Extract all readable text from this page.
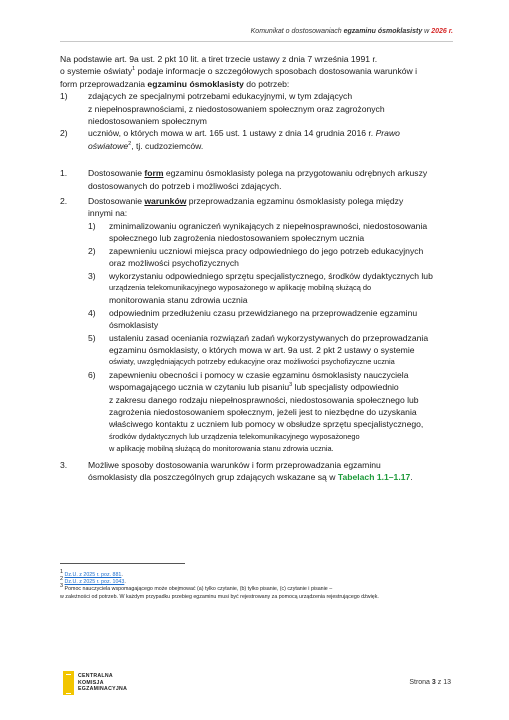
Komunikat o dostosowaniach egzaminu ósmoklasisty w 2026 r.

Na podstawie art. 9a ust. 2 pkt 10 lit. a tiret trzecie ustawy z dnia 7 września 1991 r.

o systemie oświaty$^1$ podaje informacje o szczegółowych sposobach dostosowania warunków i

form przeprowadzania egzaminu ósmoklasisty do potrzeb:

1)	zdających ze specjalnymi potrzebami edukacyjnymi, w tym zdających

z niepełnosprawnościami, z niedostosowaniem społecznym oraz zagrożonych

niedostosowaniem społecznym

2)	uczniów, o których mowa w art. 165 ust. 1 ustawy z dnia 14 grudnia 2016 r. Prawo

oświatowe$^2$, tj. cudzoziemców.

1.	Dostosowanie form egzaminu ósmoklasisty polega na przygotowaniu odrębnych arkuszy

dostosowanych do potrzeb i możliwości zdających.

2.	Dostosowanie warunków przeprowadzania egzaminu ósmoklasisty polega między

innymi na:

1)	zminimalizowaniu ograniczeń wynikających z niepełnosprawności, niedostosowania

społecznego lub zagrożenia niedostosowaniem społecznym ucznia

2)	zapewnieniu uczniowi miejsca pracy odpowiedniego do jego potrzeb edukacyjnych

oraz możliwości psychofizycznych

3)	wykorzystaniu odpowiedniego sprzętu specjalistycznego, środków dydaktycznych lub

urządzenia telekomunikacyjnego wyposażonego w aplikację mobilną służącą do

monitorowania stanu zdrowia ucznia

4)	odpowiednim przedłużeniu czasu przewidzianego na przeprowadzenie egzaminu

ósmoklasisty

5)	ustaleniu zasad oceniania rozwiązań zadań wykorzystywanych do przeprowadzania

egzaminu ósmoklasisty, o których mowa w art. 9a ust. 2 pkt 2 ustawy o systemie

oświaty, uwzględniających potrzeby edukacyjne oraz możliwości psychofizyczne ucznia

6)	zapewnieniu obecności i pomocy w czasie egzaminu ósmoklasisty nauczyciela

wspomagającego ucznia w czytaniu lub pisaniu$^3$ lub specjalisty odpowiednio

z zakresu danego rodzaju niepełnosprawności, niedostosowania społecznego lub

zagrożenia niedostosowaniem społecznym, jeżeli jest to niezbędne do uzyskania

właściwego kontaktu z uczniem lub pomocy w obsłudze sprzętu specjalistycznego,

środków dydaktycznych lub urządzenia telekomunikacyjnego wyposażonego

w aplikację mobilną służącą do monitorowania stanu zdrowia ucznia.

3.	Możliwe sposoby dostosowania warunków i form przeprowadzania egzaminu

ósmoklasisty dla poszczególnych grup zdających wskazane są w Tabelach 1.1–1.17.

$^1$ Dz.U. z 2025 r. poz. 881.
$^2$ Dz.U. z 2025 r. poz. 1043.
$^3$ Pomoc nauczyciela wspomagającego może obejmować (a) tylko czytanie, (b) tylko pisanie, (c) czytanie i pisanie –
w zależności od potrzeb. W każdym przypadku przebieg egzaminu musi być rejestrowany za pomocą urządzenia rejestrującego dźwięk.
CENTRALNA
KOMISJA
EGZAMINACYJNA
Strona 3 z 13
